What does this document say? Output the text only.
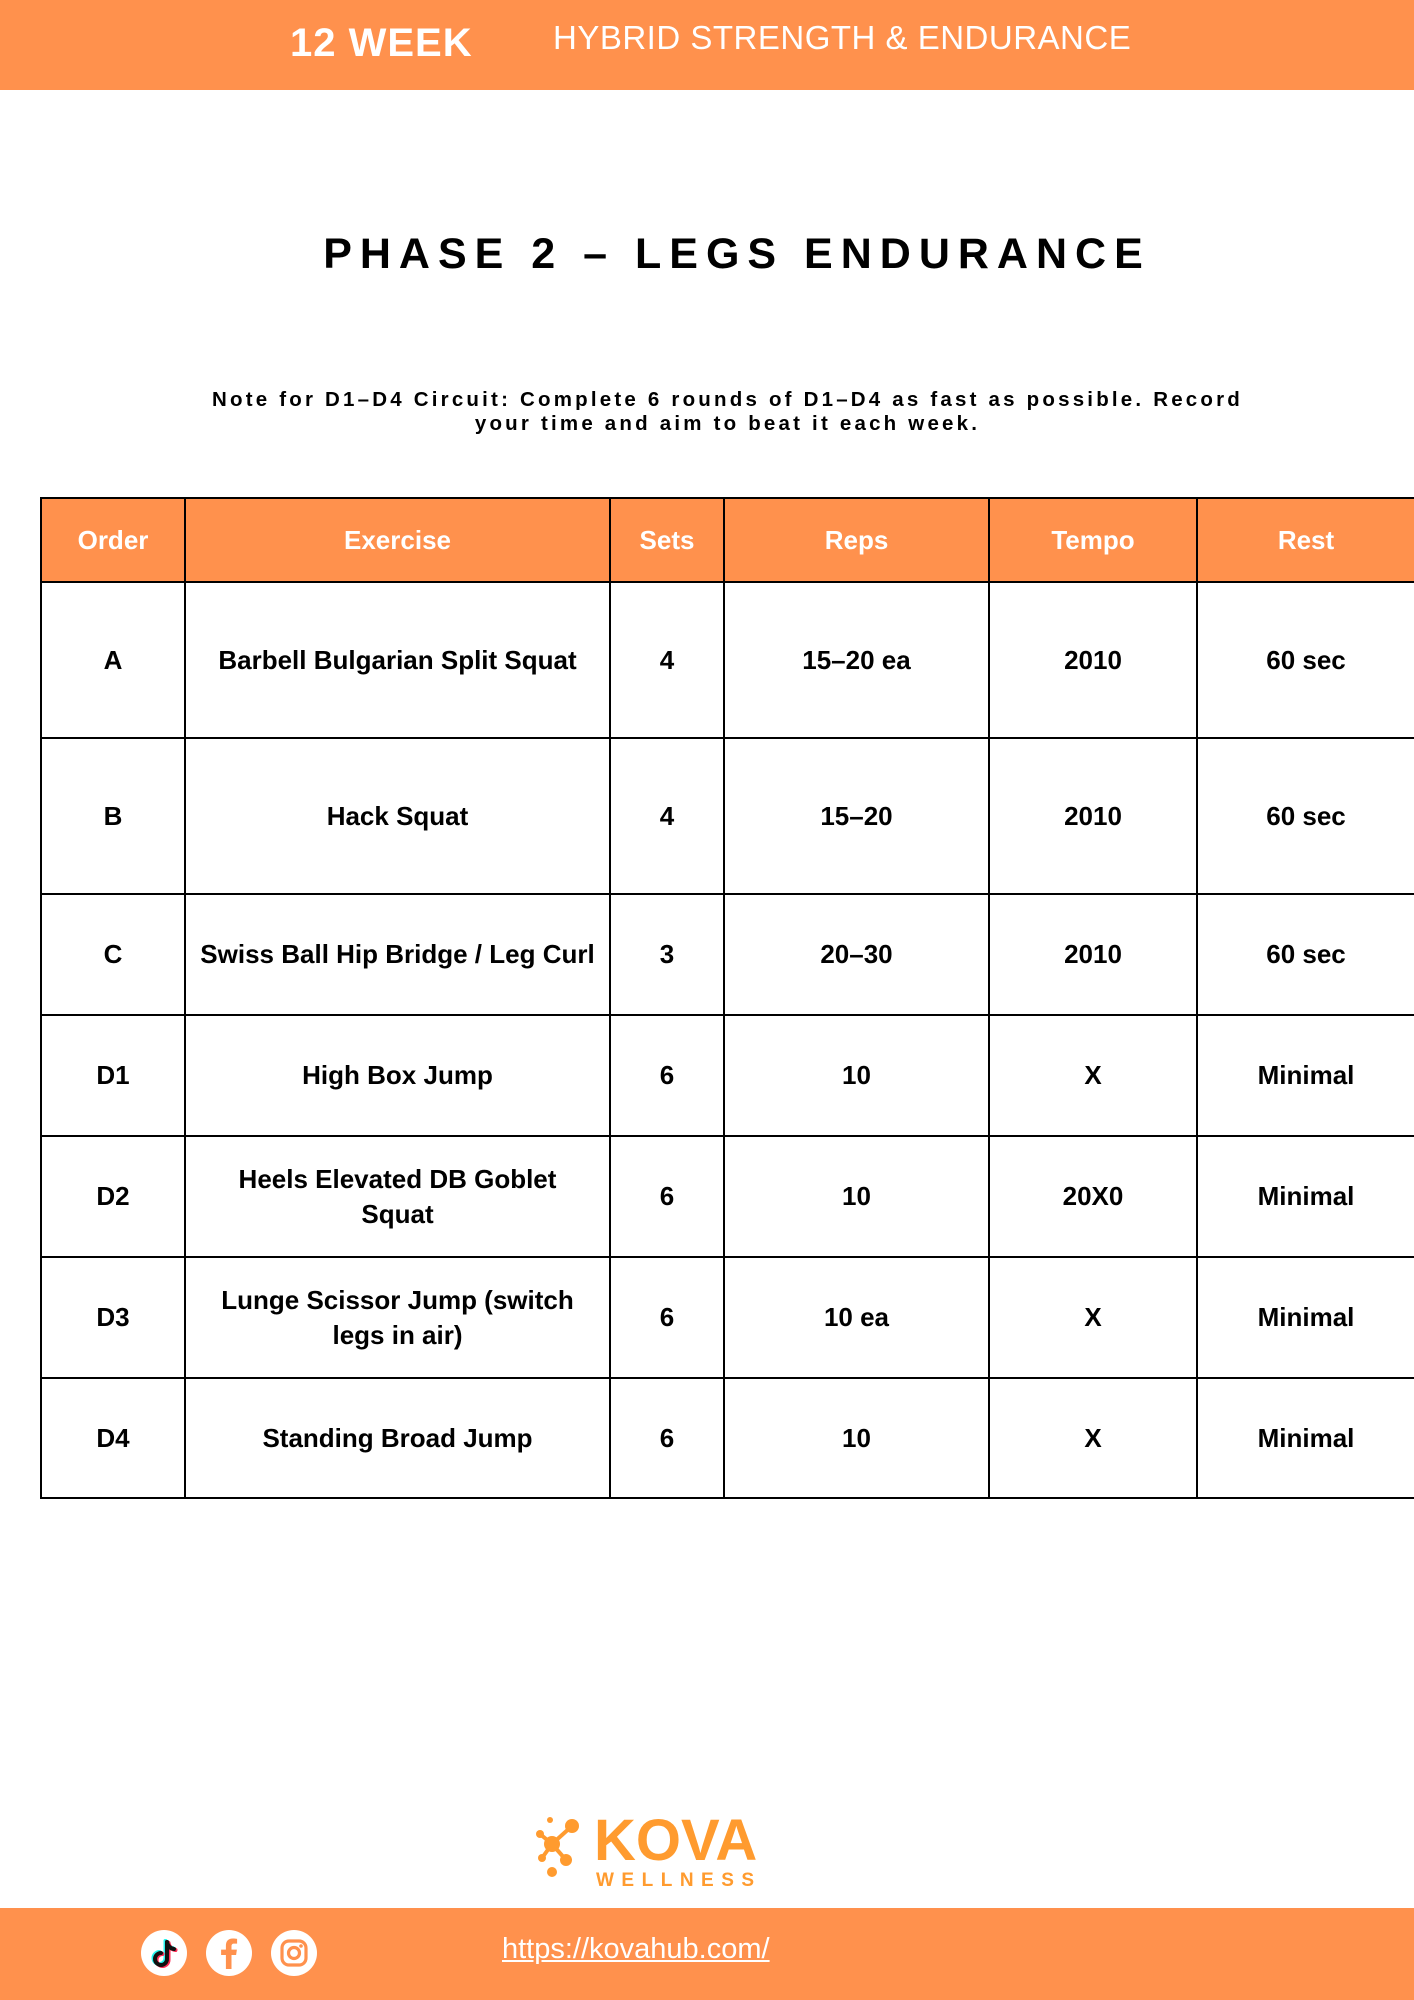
12 WEEK HYBRID STRENGTH & ENDURANCE
PHASE 2 – LEGS ENDURANCE
Note for D1–D4 Circuit: Complete 6 rounds of D1–D4 as fast as possible. Record
your time and aim to beat it each week.
Order	Exercise	Sets	Reps	Tempo	Rest
A	Barbell Bulgarian Split Squat	4	15–20 ea	2010	60 sec
B	Hack Squat	4	15–20	2010	60 sec
C	Swiss Ball Hip Bridge / Leg Curl	3	20–30	2010	60 sec
D1	High Box Jump	6	10	X	Minimal
D2	Heels Elevated DB Goblet Squat	6	10	20X0	Minimal
D3	Lunge Scissor Jump (switch legs in air)	6	10 ea	X	Minimal
D4	Standing Broad Jump	6	10	X	Minimal
KOVA
WELLNESS
https://kovahub.com/
